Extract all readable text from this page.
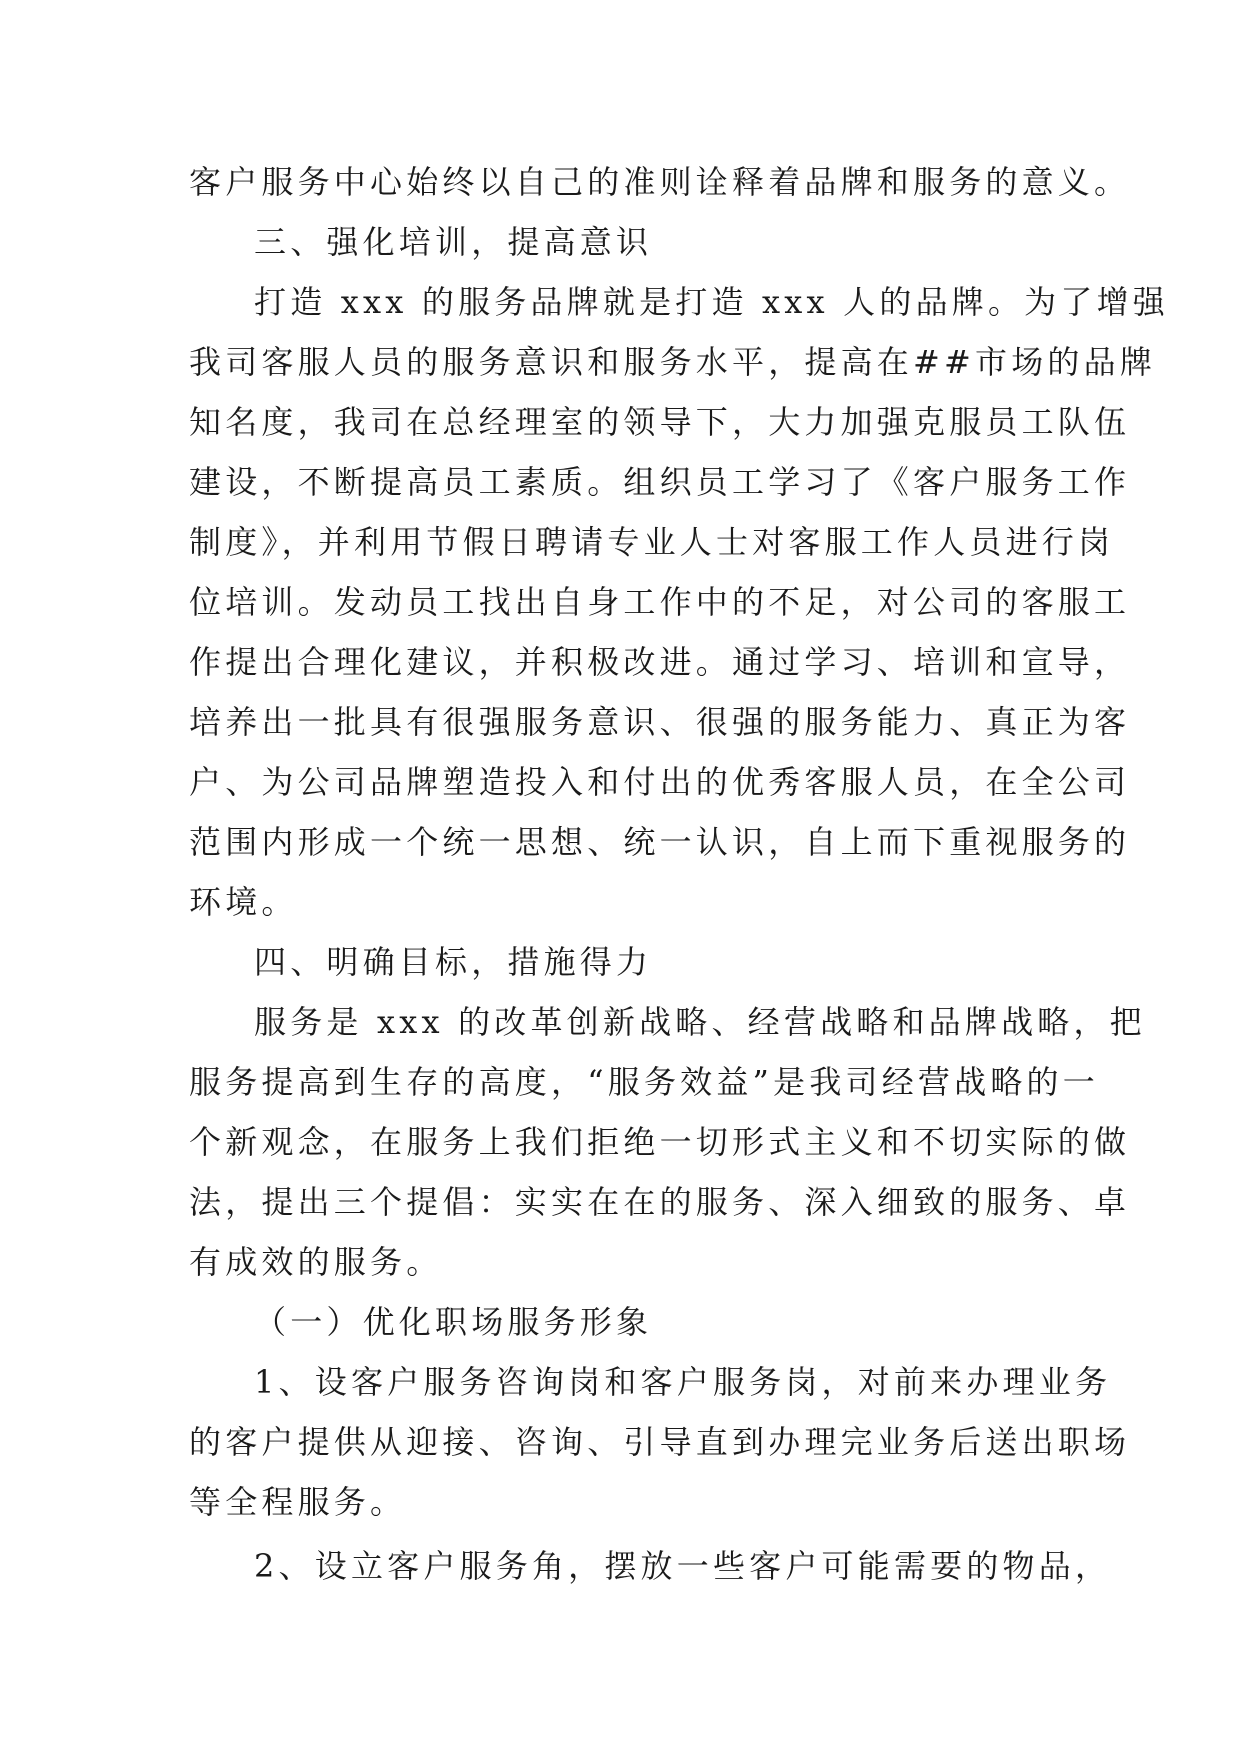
客户服务中心始终以自己的准则诠释着品牌和服务的意义。

三、强化培训，提高意识

打造 xxx 的服务品牌就是打造 xxx 人的品牌。为了增强

我司客服人员的服务意识和服务水平，提高在##市场的品牌

知名度，我司在总经理室的领导下，大力加强克服员工队伍

建设，不断提高员工素质。组织员工学习了《客户服务工作

制度》，并利用节假日聘请专业人士对客服工作人员进行岗

位培训。发动员工找出自身工作中的不足，对公司的客服工

作提出合理化建议，并积极改进。通过学习、培训和宣导，

培养出一批具有很强服务意识、很强的服务能力、真正为客

户、为公司品牌塑造投入和付出的优秀客服人员，在全公司

范围内形成一个统一思想、统一认识，自上而下重视服务的

环境。

四、明确目标，措施得力

服务是 xxx 的改革创新战略、经营战略和品牌战略，把

服务提高到生存的高度，“服务效益”是我司经营战略的一

个新观念，在服务上我们拒绝一切形式主义和不切实际的做

法，提出三个提倡：实实在在的服务、深入细致的服务、卓

有成效的服务。

（一）优化职场服务形象

1、设客户服务咨询岗和客户服务岗，对前来办理业务

的客户提供从迎接、咨询、引导直到办理完业务后送出职场

等全程服务。

2、设立客户服务角，摆放一些客户可能需要的物品，
